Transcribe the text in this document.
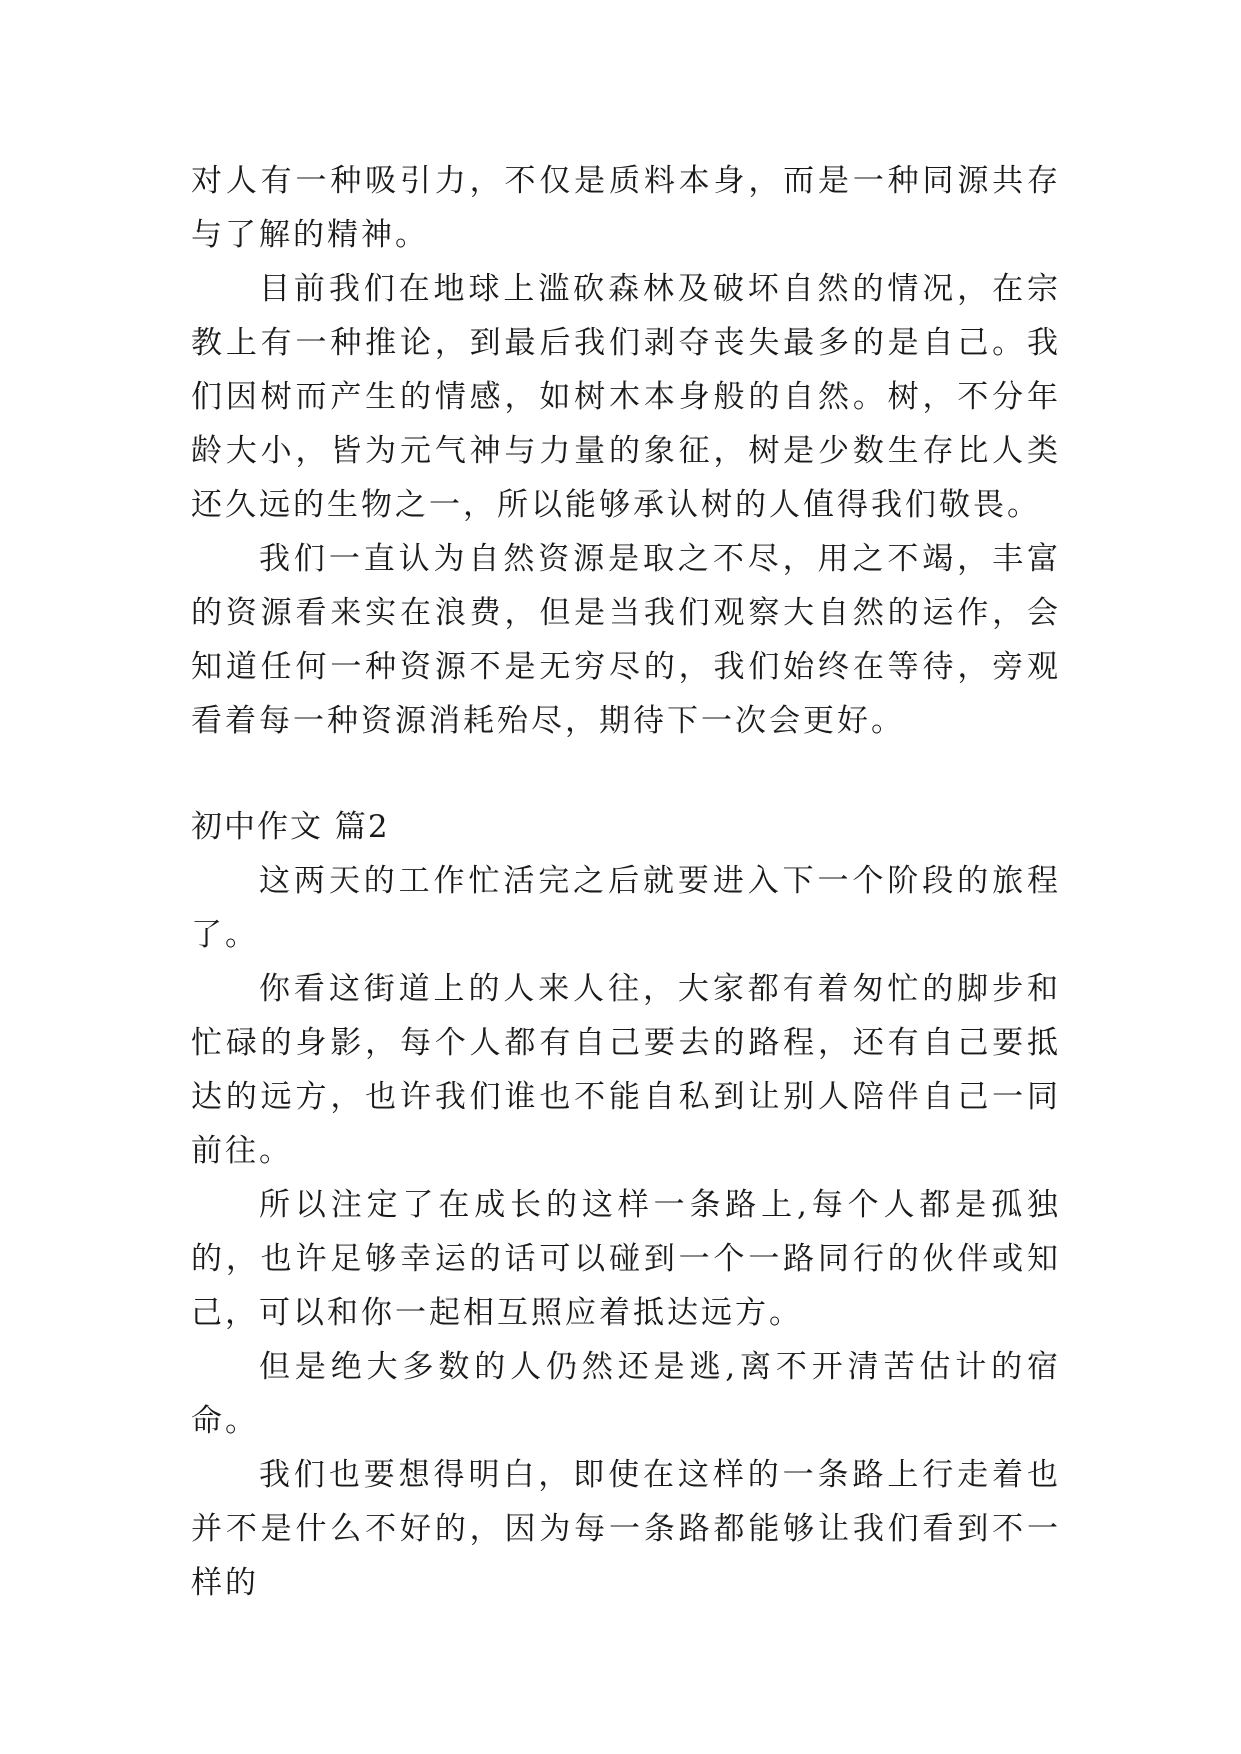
对人有一种吸引力，不仅是质料本身，而是一种同源共存与了解的精神。

目前我们在地球上滥砍森林及破坏自然的情况，在宗教上有一种推论，到最后我们剥夺丧失最多的是自己。我们因树而产生的情感，如树木本身般的自然。树，不分年龄大小，皆为元气神与力量的象征，树是少数生存比人类还久远的生物之一，所以能够承认树的人值得我们敬畏。

我们一直认为自然资源是取之不尽，用之不竭，丰富的资源看来实在浪费，但是当我们观察大自然的运作，会知道任何一种资源不是无穷尽的，我们始终在等待，旁观看着每一种资源消耗殆尽，期待下一次会更好。

初中作文 篇2

这两天的工作忙活完之后就要进入下一个阶段的旅程了。

你看这街道上的人来人往，大家都有着匆忙的脚步和忙碌的身影，每个人都有自己要去的路程，还有自己要抵达的远方，也许我们谁也不能自私到让别人陪伴自己一同前往。

所以注定了在成长的这样一条路上,每个人都是孤独的，也许足够幸运的话可以碰到一个一路同行的伙伴或知己，可以和你一起相互照应着抵达远方。

但是绝大多数的人仍然还是逃,离不开清苦估计的宿命。

我们也要想得明白，即使在这样的一条路上行走着也并不是什么不好的，因为每一条路都能够让我们看到不一样的
